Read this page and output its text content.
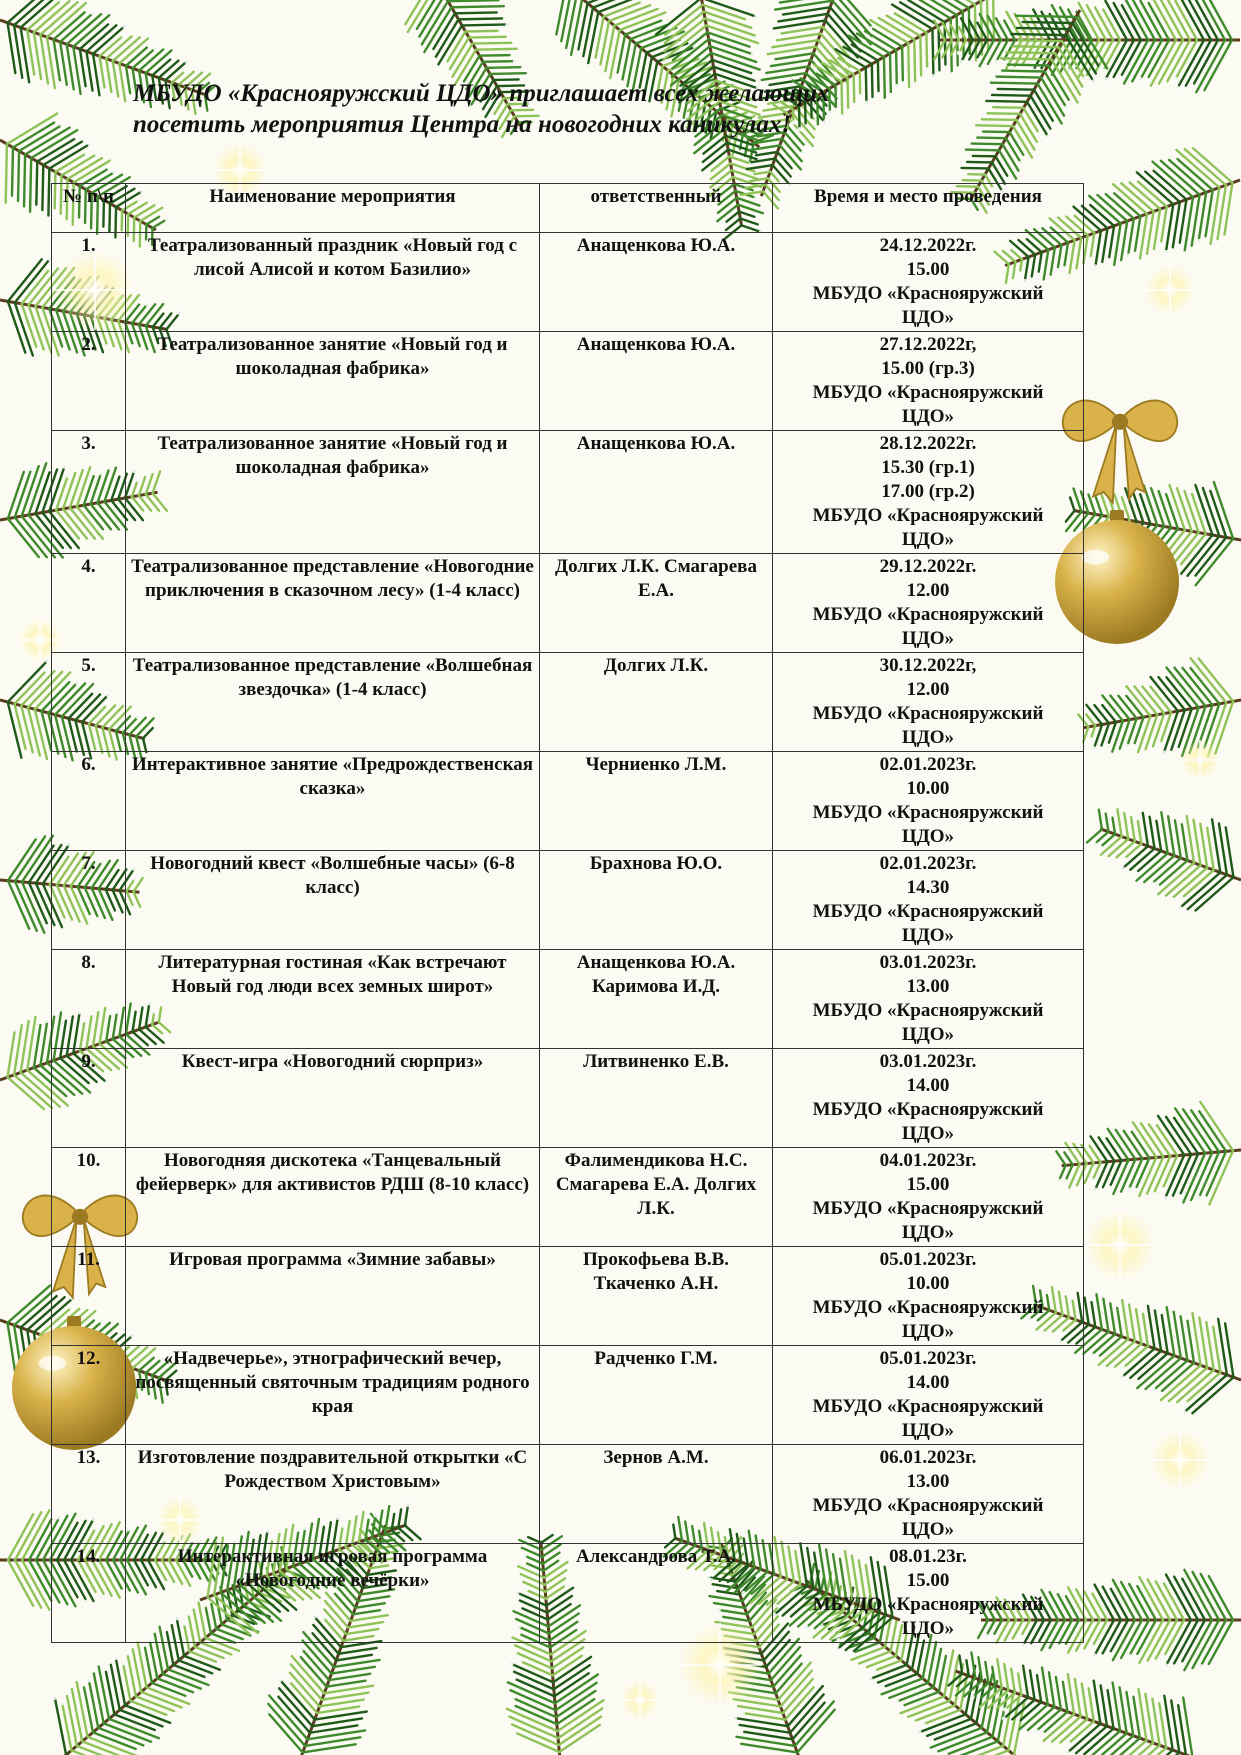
МБУДО «Краснояружский ЦДО» приглашает всех желающих
посетить мероприятия Центра на новогодних каникулах!
№ п\п	Наименование мероприятия	ответственный	Время и место проведения
1.	Театрализованный праздник «Новый год с лисой Алисой и котом Базилио»	Анащенкова Ю.А.	24.12.2022г.
15.00
МБУДО «Краснояружский
ЦДО»

2.	Театрализованное занятие «Новый год и шоколадная фабрика»	Анащенкова Ю.А.	27.12.2022г,
15.00 (гр.3)
МБУДО «Краснояружский
ЦДО»

3.	Театрализованное занятие «Новый год и шоколадная фабрика»	Анащенкова Ю.А.	28.12.2022г.
15.30 (гр.1)
17.00 (гр.2)
МБУДО «Краснояружский
ЦДО»

4.	Театрализованное представление «Новогодние приключения в сказочном лесу» (1-4 класс)	Долгих Л.К. Смагарева Е.А.	29.12.2022г.
12.00
МБУДО «Краснояружский
ЦДО»

5.	Театрализованное представление «Волшебная звездочка» (1-4 класс)	Долгих Л.К.	30.12.2022г,
12.00
МБУДО «Краснояружский
ЦДО»

6.	Интерактивное занятие «Предрождественская сказка»	Черниенко Л.М.	02.01.2023г.
10.00
МБУДО «Краснояружский
ЦДО»

7.	Новогодний квест «Волшебные часы» (6-8 класс)	Брахнова Ю.О.	02.01.2023г.
14.30
МБУДО «Краснояружский
ЦДО»

8.	Литературная гостиная «Как встречают Новый год люди всех земных широт»	Анащенкова Ю.А. Каримова И.Д.	03.01.2023г.
13.00
МБУДО «Краснояружский
ЦДО»

9.	Квест-игра «Новогодний сюрприз»	Литвиненко Е.В.	03.01.2023г.
14.00
МБУДО «Краснояружский
ЦДО»

10.	Новогодняя дискотека «Танцевальный фейерверк» для активистов РДШ (8-10 класс)	Фалимендикова Н.С. Смагарева Е.А. Долгих Л.К.	04.01.2023г.
15.00
МБУДО «Краснояружский
ЦДО»

11.	Игровая программа «Зимние забавы»	Прокофьева В.В. Ткаченко А.Н.	05.01.2023г.
10.00
МБУДО «Краснояружский
ЦДО»

12.	«Надвечерье», этнографический вечер, посвященный святочным традициям родного края	Радченко Г.М.	05.01.2023г.
14.00
МБУДО «Краснояружский
ЦДО»

13.	Изготовление поздравительной открытки «С Рождеством Христовым»	Зернов А.М.	06.01.2023г.
13.00
МБУДО «Краснояружский
ЦДО»

14.	Интерактивная игровая программа «Новогодние вечёрки»	Александрова Т.А.	08.01.23г.
15.00
МБУДО «Краснояружский
ЦДО»
